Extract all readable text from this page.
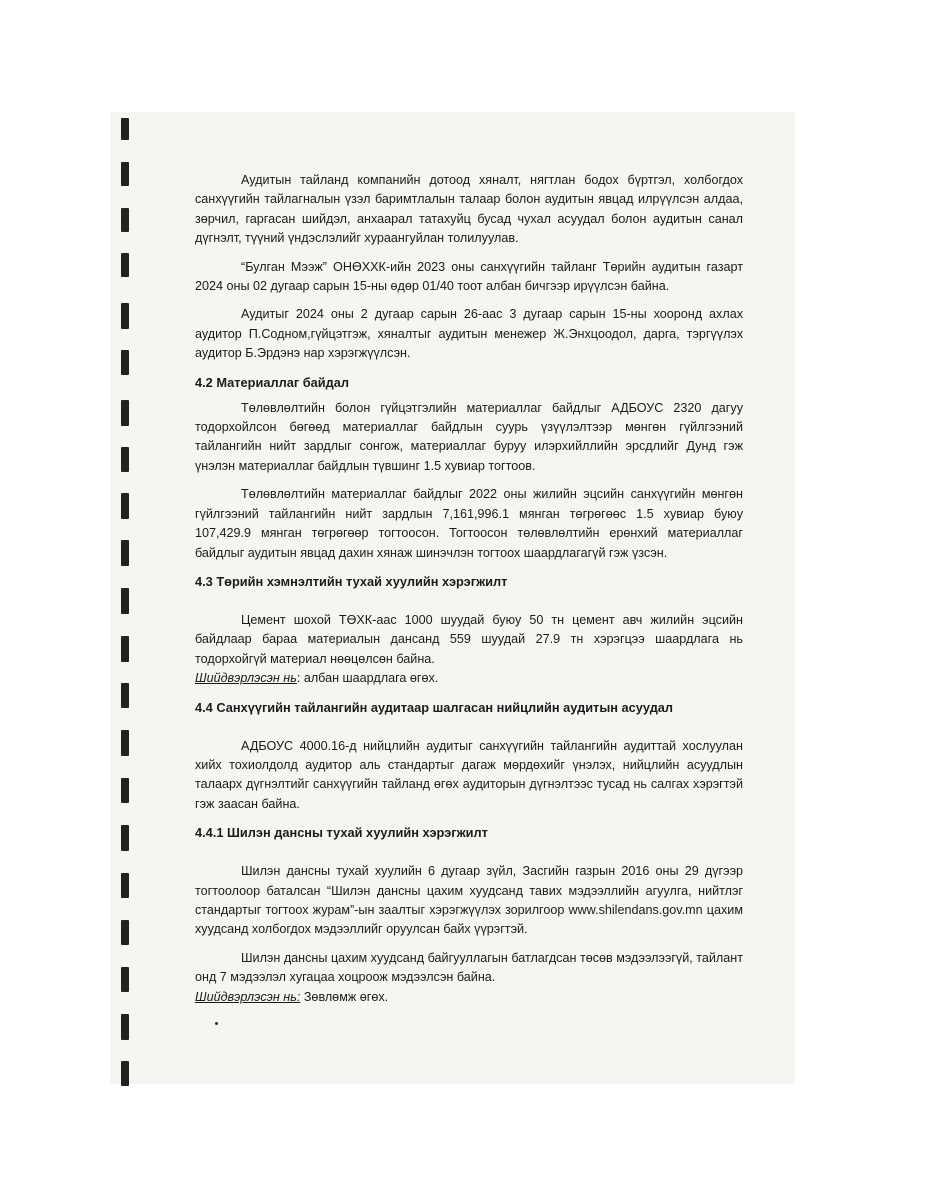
Аудитын тайланд компанийн дотоод хяналт, нягтлан бодох бүртгэл, холбогдох санхүүгийн тайлагналын үзэл баримтлалын талаар болон аудитын явцад илрүүлсэн алдаа, зөрчил, гаргасан шийдэл, анхаарал татахуйц бусад чухал асуудал болон аудитын санал дүгнэлт, түүний үндэслэлийг хураангуйлан толилуулав.

“Булган Мээж” ОНӨХХК-ийн 2023 оны санхүүгийн тайланг Төрийн аудитын газарт 2024 оны 02 дугаар сарын 15-ны өдөр 01/40 тоот албан бичгээр ирүүлсэн байна.

Аудитыг 2024 оны 2 дугаар сарын 26-аас 3 дугаар сарын 15-ны хооронд ахлах аудитор П.Содном,гүйцэтгэж, хяналтыг аудитын менежер Ж.Энхцоодол, дарга, тэргүүлэх аудитор Б.Эрдэнэ нар хэрэгжүүлсэн.

4.2 Материаллаг байдал

Төлөвлөлтийн болон гүйцэтгэлийн материаллаг байдлыг АДБОУС 2320 дагуу тодорхойлсон бөгөөд материаллаг байдлын суурь үзүүлэлтээр мөнгөн гүйлгээний тайлангийн нийт зардлыг сонгож, материаллаг буруу илэрхийллийн эрсдлийг Дунд гэж үнэлэн материаллаг байдлын түвшинг 1.5 хувиар тогтоов.

Төлөвлөлтийн материаллаг байдлыг 2022 оны жилийн эцсийн санхүүгийн мөнгөн гүйлгээний тайлангийн нийт зардлын 7,161,996.1 мянган төгрөгөөс 1.5 хувиар буюу 107,429.9 мянган төгрөгөөр тогтоосон. Тогтоосон төлөвлөлтийн ерөнхий материаллаг байдлыг аудитын явцад дахин хянаж шинэчлэн тогтоох шаардлагагүй гэж үзсэн.

4.3 Төрийн хэмнэлтийн тухай хуулийн хэрэгжилт

Цемент шохой ТӨХК-аас 1000 шуудай буюу 50 тн цемент авч жилийн эцсийн байдлаар бараа материалын дансанд 559 шуудай 27.9 тн хэрэгцээ шаардлага нь тодорхойгүй материал нөөцөлсөн байна.

Шийдвэрлэсэн нь: албан шаардлага өгөх.

4.4 Санхүүгийн тайлангийн аудитаар шалгасан нийцлийн аудитын асуудал

АДБОУС 4000.16-д нийцлийн аудитыг санхүүгийн тайлангийн аудиттай хослуулан хийх тохиолдолд аудитор аль стандартыг дагаж мөрдөхийг үнэлэх, нийцлийн асуудлын талаарх дүгнэлтийг санхүүгийн тайланд өгөх аудиторын дүгнэлтээс тусад нь салгах хэрэгтэй гэж заасан байна.

4.4.1 Шилэн дансны тухай хуулийн хэрэгжилт

Шилэн дансны тухай хуулийн 6 дугаар зүйл, Засгийн газрын 2016 оны 29 дүгээр тогтоолоор баталсан “Шилэн дансны цахим хуудсанд тавих мэдээллийн агуулга, нийтлэг стандартыг тогтоох журам”-ын заалтыг хэрэгжүүлэх зорилгоор www.shilendans.gov.mn цахим хуудсанд холбогдох мэдээллийг оруулсан байх үүрэгтэй.

Шилэн дансны цахим хуудсанд байгууллагын батлагдсан төсөв мэдээлээгүй, тайлант онд 7 мэдээлэл хугацаа хоцроож мэдээлсэн байна.

Шийдвэрлэсэн нь: Зөвлөмж өгөх.
